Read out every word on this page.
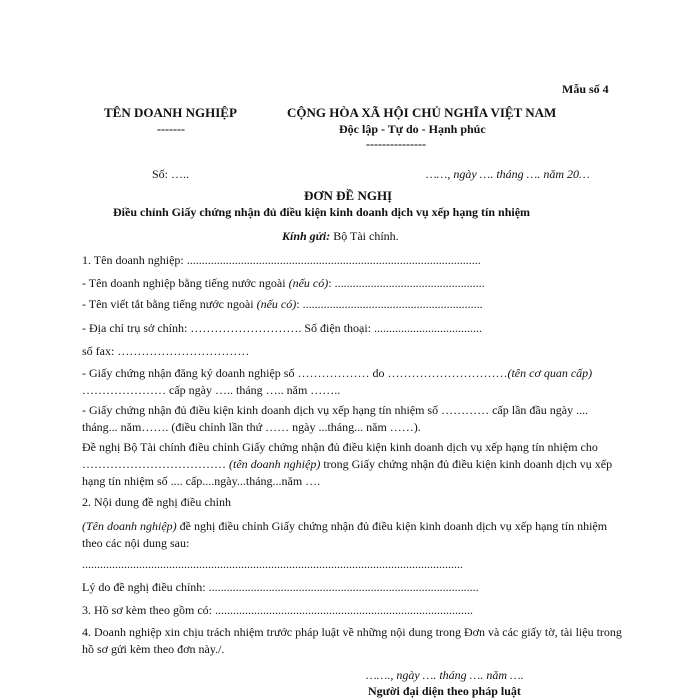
Mẫu số 4
TÊN DOANH NGHIỆP
-------
CỘNG HÒA XÃ HỘI CHỦ NGHĨA VIỆT NAM
Độc lập - Tự do - Hạnh phúc
---------------
Số: …..	……, ngày …. tháng …. năm 20…
ĐƠN ĐỀ NGHỊ
Điều chỉnh Giấy chứng nhận đủ điều kiện kinh doanh dịch vụ xếp hạng tín nhiệm
Kính gửi: Bộ Tài chính.
1. Tên doanh nghiệp: ..................................................................................................
- Tên doanh nghiệp bằng tiếng nước ngoài (nếu có): ..................................................
- Tên viết tắt bằng tiếng nước ngoài (nếu có): ............................................................
- Địa chỉ trụ sở chính: ………………………. Số điện thoại: ....................................
số fax: ……………………………
- Giấy chứng nhận đăng ký doanh nghiệp số ……………… do …………………………(tên cơ quan cấp) ………………… cấp ngày ….. tháng ….. năm ……..
- Giấy chứng nhận đủ điều kiện kinh doanh dịch vụ xếp hạng tín nhiệm số ………… cấp lần đầu ngày .... tháng... năm……. (điều chỉnh lần thứ …… ngày ...tháng... năm ……).
Đề nghị Bộ Tài chính điều chỉnh Giấy chứng nhận đủ điều kiện kinh doanh dịch vụ xếp hạng tín nhiệm cho ……………………………… (tên doanh nghiệp) trong Giấy chứng nhận đủ điều kiện kinh doanh dịch vụ xếp hạng tín nhiệm số .... cấp....ngày...tháng...năm ….
2. Nội dung đề nghị điều chỉnh
(Tên doanh nghiệp) đề nghị điều chỉnh Giấy chứng nhận đủ điều kiện kinh doanh dịch vụ xếp hạng tín nhiệm theo các nội dung sau:
...............................................................................................................................
Lý do đề nghị điều chỉnh: ..........................................................................................
3. Hồ sơ kèm theo gồm có: ......................................................................................
4. Doanh nghiệp xin chịu trách nhiệm trước pháp luật về những nội dung trong Đơn và các giấy tờ, tài liệu trong hồ sơ gửi kèm theo đơn này./.
……., ngày …. tháng …. năm ….
Người đại diện theo pháp luật
